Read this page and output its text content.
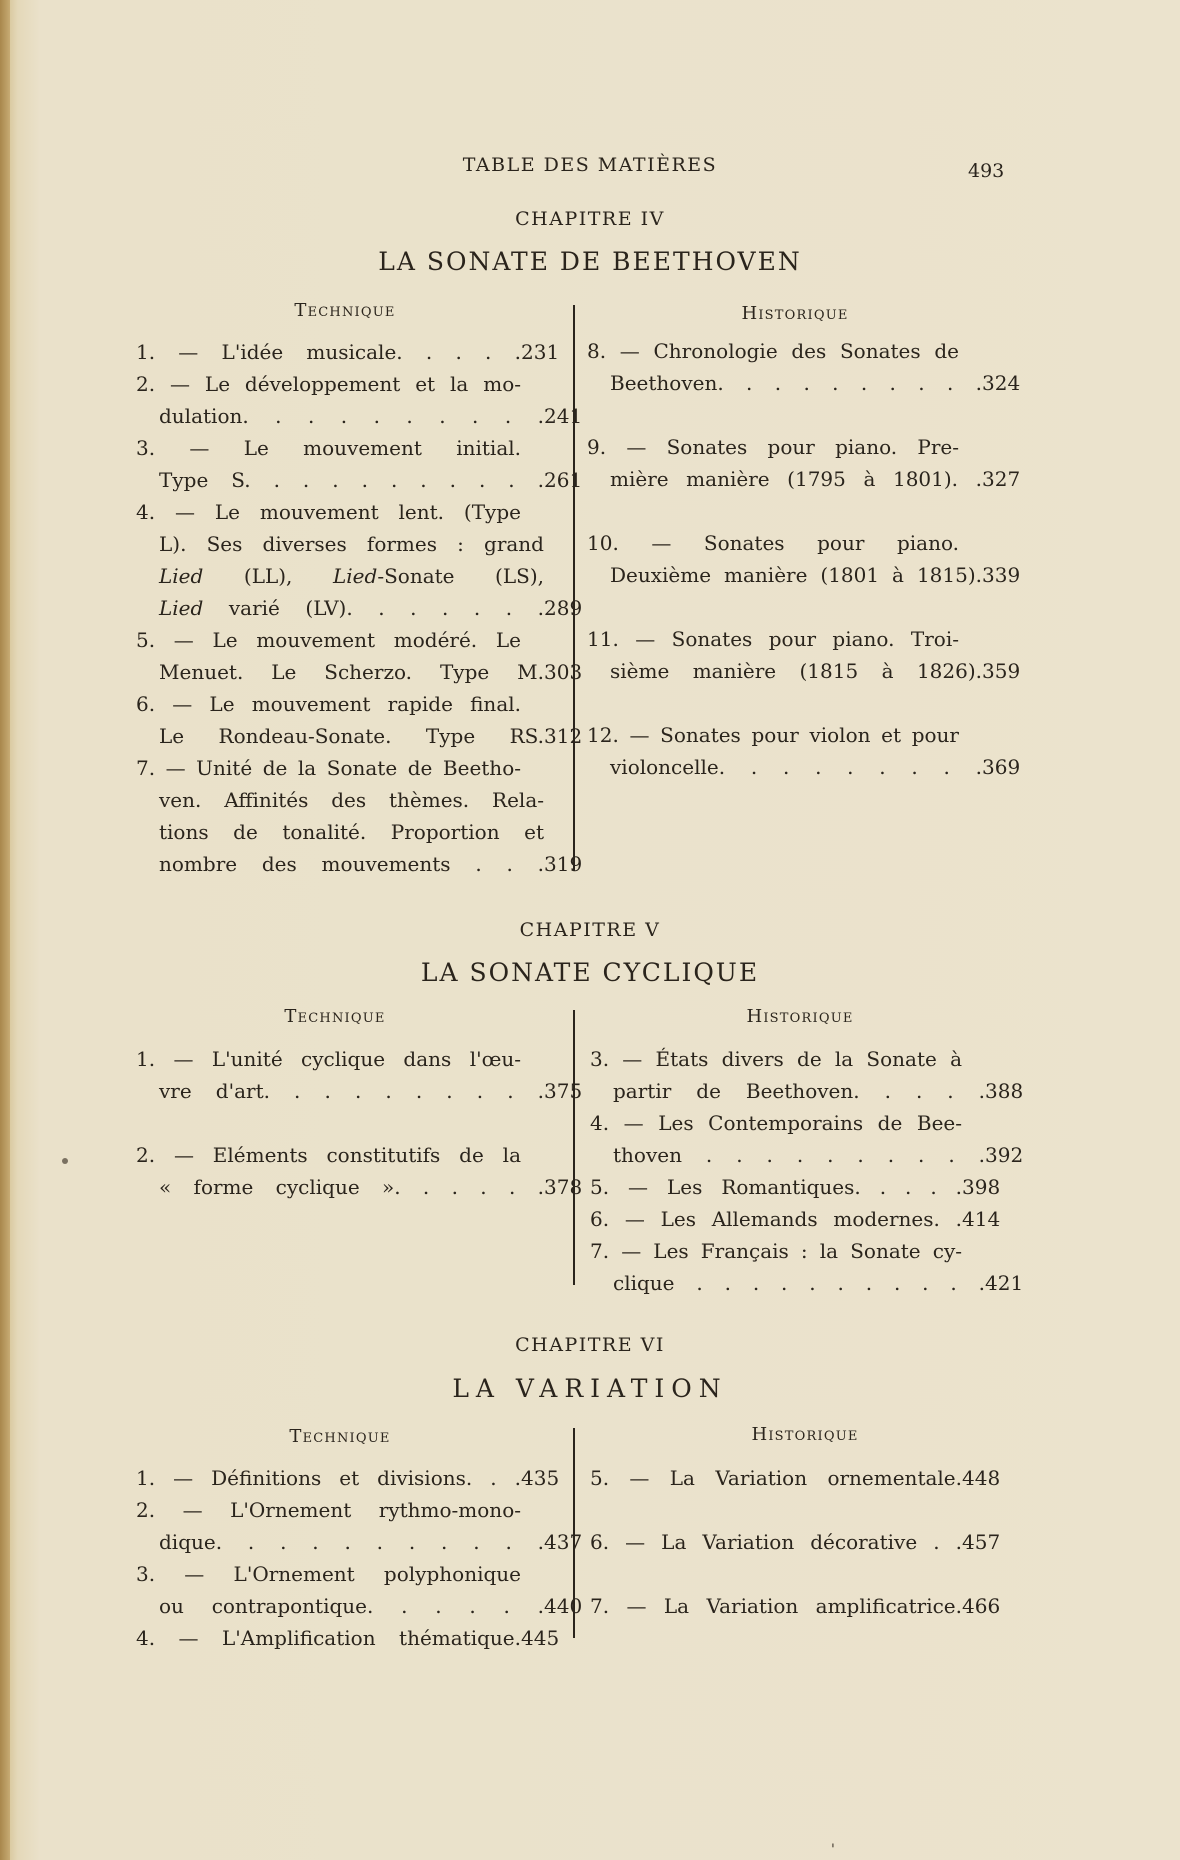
TABLE DES MATIÈRES	493
CHAPITRE IV
LA SONATE DE BEETHOVEN
Technique	Historique
1. — L'idée musicale. . . . . 231
2. — Le développement et la mo-
dulation. . . . . . . . . . 241
3. — Le mouvement initial.
Type S. . . . . . . . . . . 261
4. — Le mouvement lent. (Type
L). Ses diverses formes : grand
Lied (LL), Lied-Sonate (LS),
Lied varié (LV). . . . . . . 289
5. — Le mouvement modéré. Le
Menuet. Le Scherzo. Type M. 303
6. — Le mouvement rapide final.
Le Rondeau-Sonate. Type RS. 312
7. — Unité de la Sonate de Beetho-
ven. Affinités des thèmes. Rela-
tions de tonalité. Proportion et
nombre des mouvements . . . 319
8. — Chronologie des Sonates de
Beethoven. . . . . . . . . . 324
9. — Sonates pour piano. Pre-
mière manière (1795 à 1801). . 327
10. — Sonates pour piano.
Deuxième manière (1801 à 1815). 339
11. — Sonates pour piano. Troi-
sième manière (1815 à 1826). 359
12. — Sonates pour violon et pour
violoncelle. . . . . . . . . 369
CHAPITRE V
LA SONATE CYCLIQUE
Technique	Historique
1. — L'unité cyclique dans l'œu-
vre d'art. . . . . . . . . . 375
2. — Eléments constitutifs de la
« forme cyclique ». . . . . . 378
3. — États divers de la Sonate à
partir de Beethoven. . . . . 388
4. — Les Contemporains de Bee-
thoven . . . . . . . . . . 392
5. — Les Romantiques. . . . . 398
6. — Les Allemands modernes. . 414
7. — Les Français : la Sonate cy-
clique . . . . . . . . . . . 421
CHAPITRE VI
LA VARIATION
Technique	Historique
1. — Définitions et divisions. . . 435
2. — L'Ornement rythmo-mono-
dique. . . . . . . . . . . 437
3. — L'Ornement polyphonique
ou contrapontique. . . . . . 440
4. — L'Amplification thématique. 445
5. — La Variation ornementale. 448
6. — La Variation décorative . . 457
7. — La Variation amplificatrice. 466
'
